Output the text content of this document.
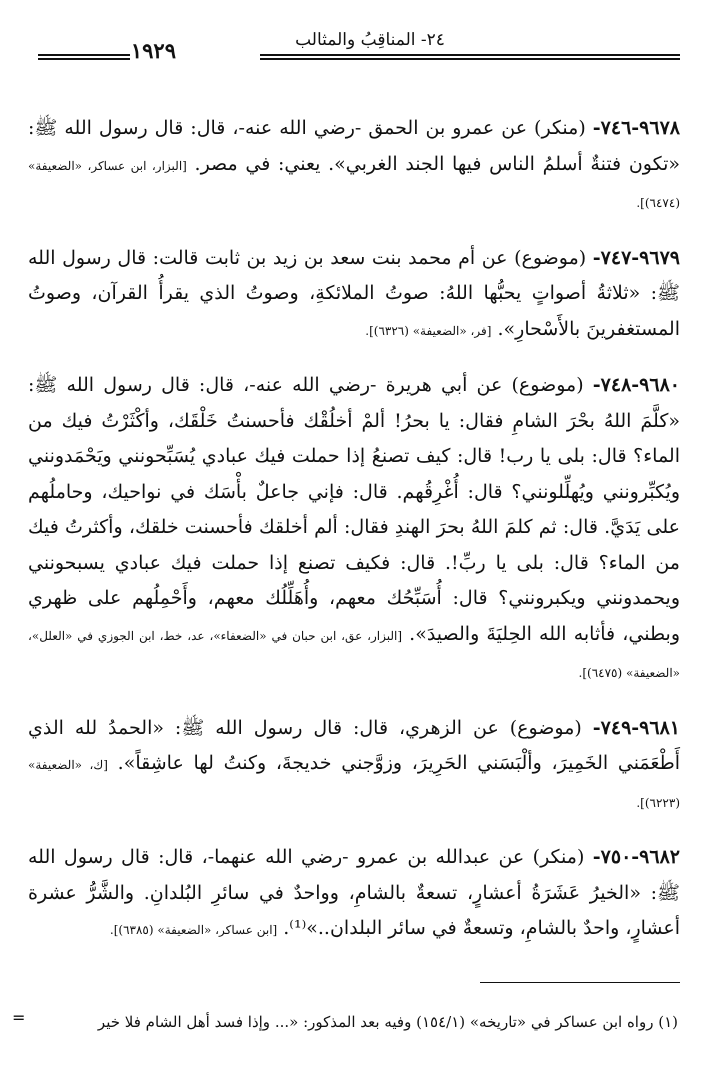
١٩٢٩	٢٤- المناقِبُ والمثالب

٩٦٧٨-٧٤٦- (منكر) عن عمرو بن الحمق -رضي الله عنه-، قال: قال رسول الله ﷺ: «تكون فتنةٌ أسلمُ الناس فيها الجند الغربي». يعني: في مصر. [البزار، ابن عساكر، «الضعيفة» (٦٤٧٤)].

٩٦٧٩-٧٤٧- (موضوع) عن أم محمد بنت سعد بن زيد بن ثابت قالت: قال رسول الله ﷺ: «ثلاثةُ أصواتٍ يحبُّها اللهُ: صوتُ الملائكةِ، وصوتُ الذي يقرأُ القرآن، وصوتُ المستغفرينَ بالأَسْحارِ». [فر، «الضعيفة» (٦٣٢٦)].

٩٦٨٠-٧٤٨- (موضوع) عن أبي هريرة -رضي الله عنه-، قال: قال رسول الله ﷺ: «كلَّمَ اللهُ بحْرَ الشامِ فقال: يا بحرُ! ألمْ أخلُقْك فأحسنتُ خَلْقَك، وأكْثَرْتُ فيك من الماء؟ قال: بلى يا رب! قال: كيف تصنعُ إذا حملت فيك عبادي يُسَبِّحونني ويَحْمَدونني ويُكبِّرونني ويُهلِّلونني؟ قال: أُغْرِقُهم. قال: فإني جاعلٌ بأْسَك في نواحيك، وحاملُهم على يَدَيَّ. قال: ثم كلمَ اللهُ بحرَ الهندِ فقال: ألم أخلقك فأحسنت خلقك، وأكثرتُ فيك من الماء؟ قال: بلى يا ربِّ!. قال: فكيف تصنع إذا حملت فيك عبادي يسبحونني ويحمدونني ويكبرونني؟ قال: أُسَبِّحُك معهم، وأُهَلِّلُك معهم، وأَحْمِلُهم على ظهري وبطني، فأثابه الله الحِليَةَ والصيدَ». [البزار، عق، ابن حبان في «الضعفاء»، عد، خط، ابن الجوزي في «العلل»، «الضعيفة» (٦٤٧٥)].

٩٦٨١-٧٤٩- (موضوع) عن الزهري، قال: قال رسول الله ﷺ: «الحمدُ لله الذي أَطْعَمَني الخَمِيرَ، وألْبَسَني الحَرِيرَ، وزوَّجني خديجةَ، وكنتُ لها عاشِقاً». [ك، «الضعيفة» (٦٢٢٣)].

٩٦٨٢-٧٥٠- (منكر) عن عبدالله بن عمرو -رضي الله عنهما-، قال: قال رسول الله ﷺ: «الخيرُ عَشَرَةُ أعشارٍ، تسعةٌ بالشامِ، وواحدٌ في سائرِ البُلدانِ. والشَّرُّ عشرة أعشارٍ، واحدٌ بالشامِ، وتسعةٌ في سائر البلدان..»⁽¹⁾. [ابن عساكر، «الضعيفة» (٦٣٨٥)].

(١) رواه ابن عساكر في «تاريخه» (١٥٤/١) وفيه بعد المذكور: «... وإذا فسد أهل الشام فلا خير
=
